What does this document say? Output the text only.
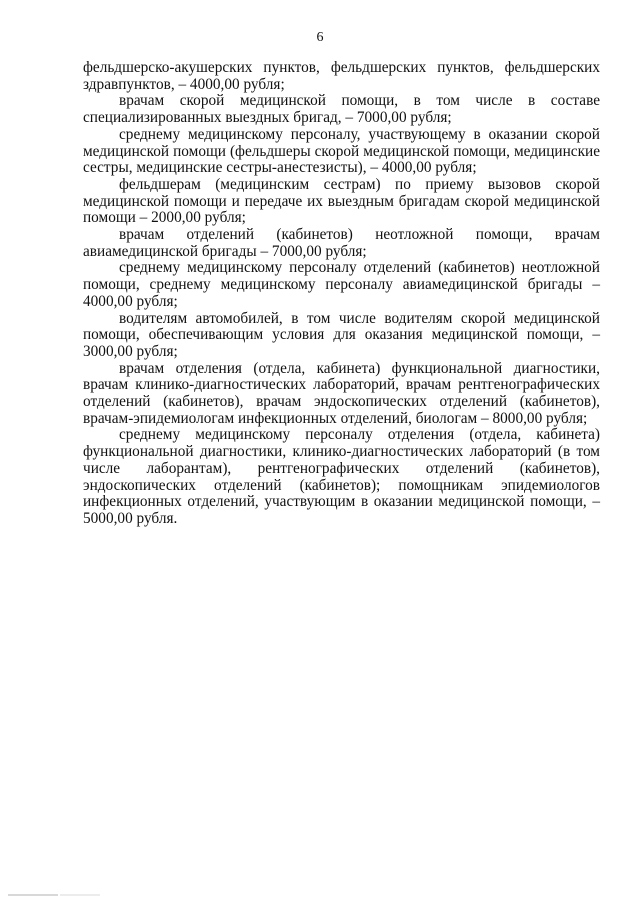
6

фельдшерско-акушерских пунктов, фельдшерских пунктов, фельдшерских здравпунктов, – 4000,00 рубля;

врачам скорой медицинской помощи, в том числе в составе специализированных выездных бригад, – 7000,00 рубля;

среднему медицинскому персоналу, участвующему в оказании скорой медицинской помощи (фельдшеры скорой медицинской помощи, медицинские сестры, медицинские сестры-анестезисты), – 4000,00 рубля;

фельдшерам (медицинским сестрам) по приему вызовов скорой медицинской помощи и передаче их выездным бригадам скорой медицинской помощи – 2000,00 рубля;

врачам отделений (кабинетов) неотложной помощи, врачам авиамедицинской бригады – 7000,00 рубля;

среднему медицинскому персоналу отделений (кабинетов) неотложной помощи, среднему медицинскому персоналу авиамедицинской бригады – 4000,00 рубля;

водителям автомобилей, в том числе водителям скорой медицинской помощи, обеспечивающим условия для оказания медицинской помощи, – 3000,00 рубля;

врачам отделения (отдела, кабинета) функциональной диагностики, врачам клинико-диагностических лабораторий, врачам рентгенографических отделений (кабинетов), врачам эндоскопических отделений (кабинетов), врачам-эпидемиологам инфекционных отделений, биологам – 8000,00 рубля;

среднему медицинскому персоналу отделения (отдела, кабинета) функциональной диагностики, клинико-диагностических лабораторий (в том числе лаборантам), рентгенографических отделений (кабинетов), эндоскопических отделений (кабинетов); помощникам эпидемиологов инфекционных отделений, участвующим в оказании медицинской помощи, – 5000,00 рубля.
